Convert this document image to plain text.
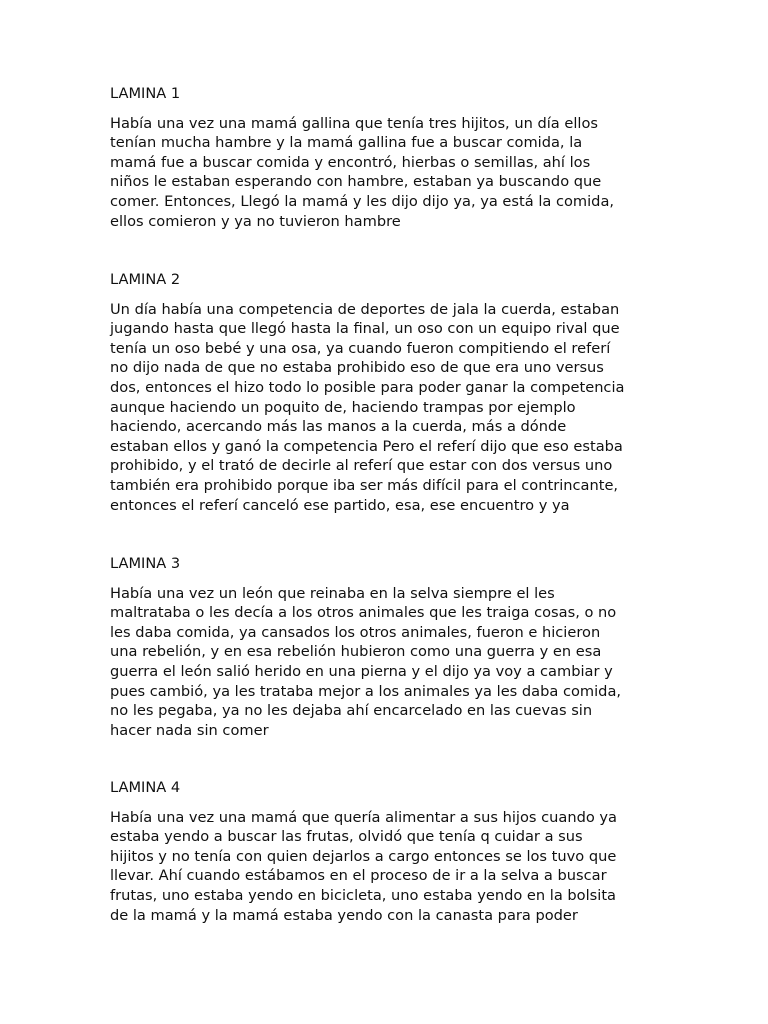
LAMINA 1
Había una vez una mamá gallina que tenía tres hijitos, un día ellos
tenían mucha hambre y la mamá gallina fue a buscar comida, la
mamá fue a buscar comida y encontró, hierbas o semillas, ahí los
niños le estaban esperando con hambre, estaban ya buscando que
comer. Entonces, Llegó la mamá y les dijo dijo ya, ya está la comida,
ellos comieron y ya no tuvieron hambre
LAMINA 2
Un día había una competencia de deportes de jala la cuerda, estaban
jugando hasta que llegó hasta la final, un oso con un equipo rival que
tenía un oso bebé y una osa, ya cuando fueron compitiendo el referí
no dijo nada de que no estaba prohibido eso de que era uno versus
dos, entonces el hizo todo lo posible para poder ganar la competencia
aunque haciendo un poquito de, haciendo trampas por ejemplo
haciendo, acercando más las manos a la cuerda, más a dónde
estaban ellos y ganó la competencia Pero el referí dijo que eso estaba
prohibido, y el trató de decirle al referí que estar con dos versus uno
también era prohibido porque iba ser más difícil para el contrincante,
entonces el referí canceló ese partido, esa, ese encuentro y ya
LAMINA 3
Había una vez un león que reinaba en la selva siempre el les
maltrataba o les decía a los otros animales que les traiga cosas, o no
les daba comida, ya cansados los otros animales, fueron e hicieron
una rebelión, y en esa rebelión hubieron como una guerra y en esa
guerra el león salió herido en una pierna y el dijo ya voy a cambiar y
pues cambió, ya les trataba mejor a los animales ya les daba comida,
no les pegaba, ya no les dejaba ahí encarcelado en las cuevas sin
hacer nada sin comer
LAMINA 4
Había una vez una mamá que quería alimentar a sus hijos cuando ya
estaba yendo a buscar las frutas, olvidó que tenía q cuidar a sus
hijitos y no tenía con quien dejarlos a cargo entonces se los tuvo que
llevar. Ahí cuando estábamos en el proceso de ir a la selva a buscar
frutas, uno estaba yendo en bicicleta, uno estaba yendo en la bolsita
de la mamá y la mamá estaba yendo con la canasta para poder
